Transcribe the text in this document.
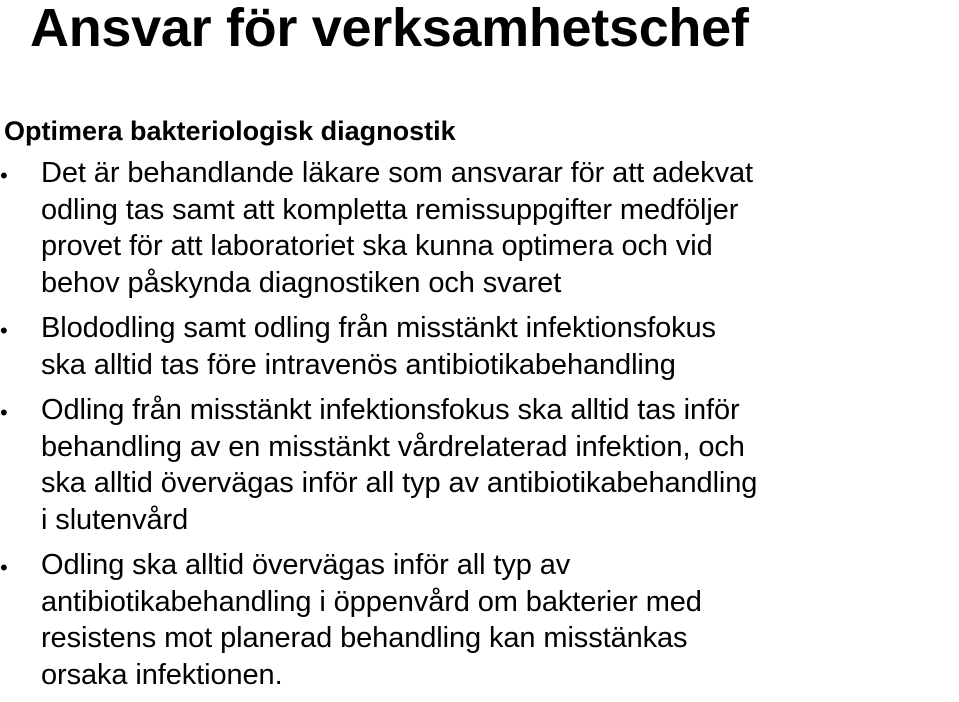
Ansvar för verksamhetschef
Optimera bakteriologisk diagnostik
• Det är behandlande läkare som ansvarar för att adekvat
odling tas samt att kompletta remissuppgifter medföljer
provet för att laboratoriet ska kunna optimera och vid
behov påskynda diagnostiken och svaret
• Blododling samt odling från misstänkt infektionsfokus
ska alltid tas före intravenös antibiotikabehandling
• Odling från misstänkt infektionsfokus ska alltid tas inför
behandling av en misstänkt vårdrelaterad infektion, och
ska alltid övervägas inför all typ av antibiotikabehandling
i slutenvård
• Odling ska alltid övervägas inför all typ av
antibiotikabehandling i öppenvård om bakterier med
resistens mot planerad behandling kan misstänkas
orsaka infektionen.
